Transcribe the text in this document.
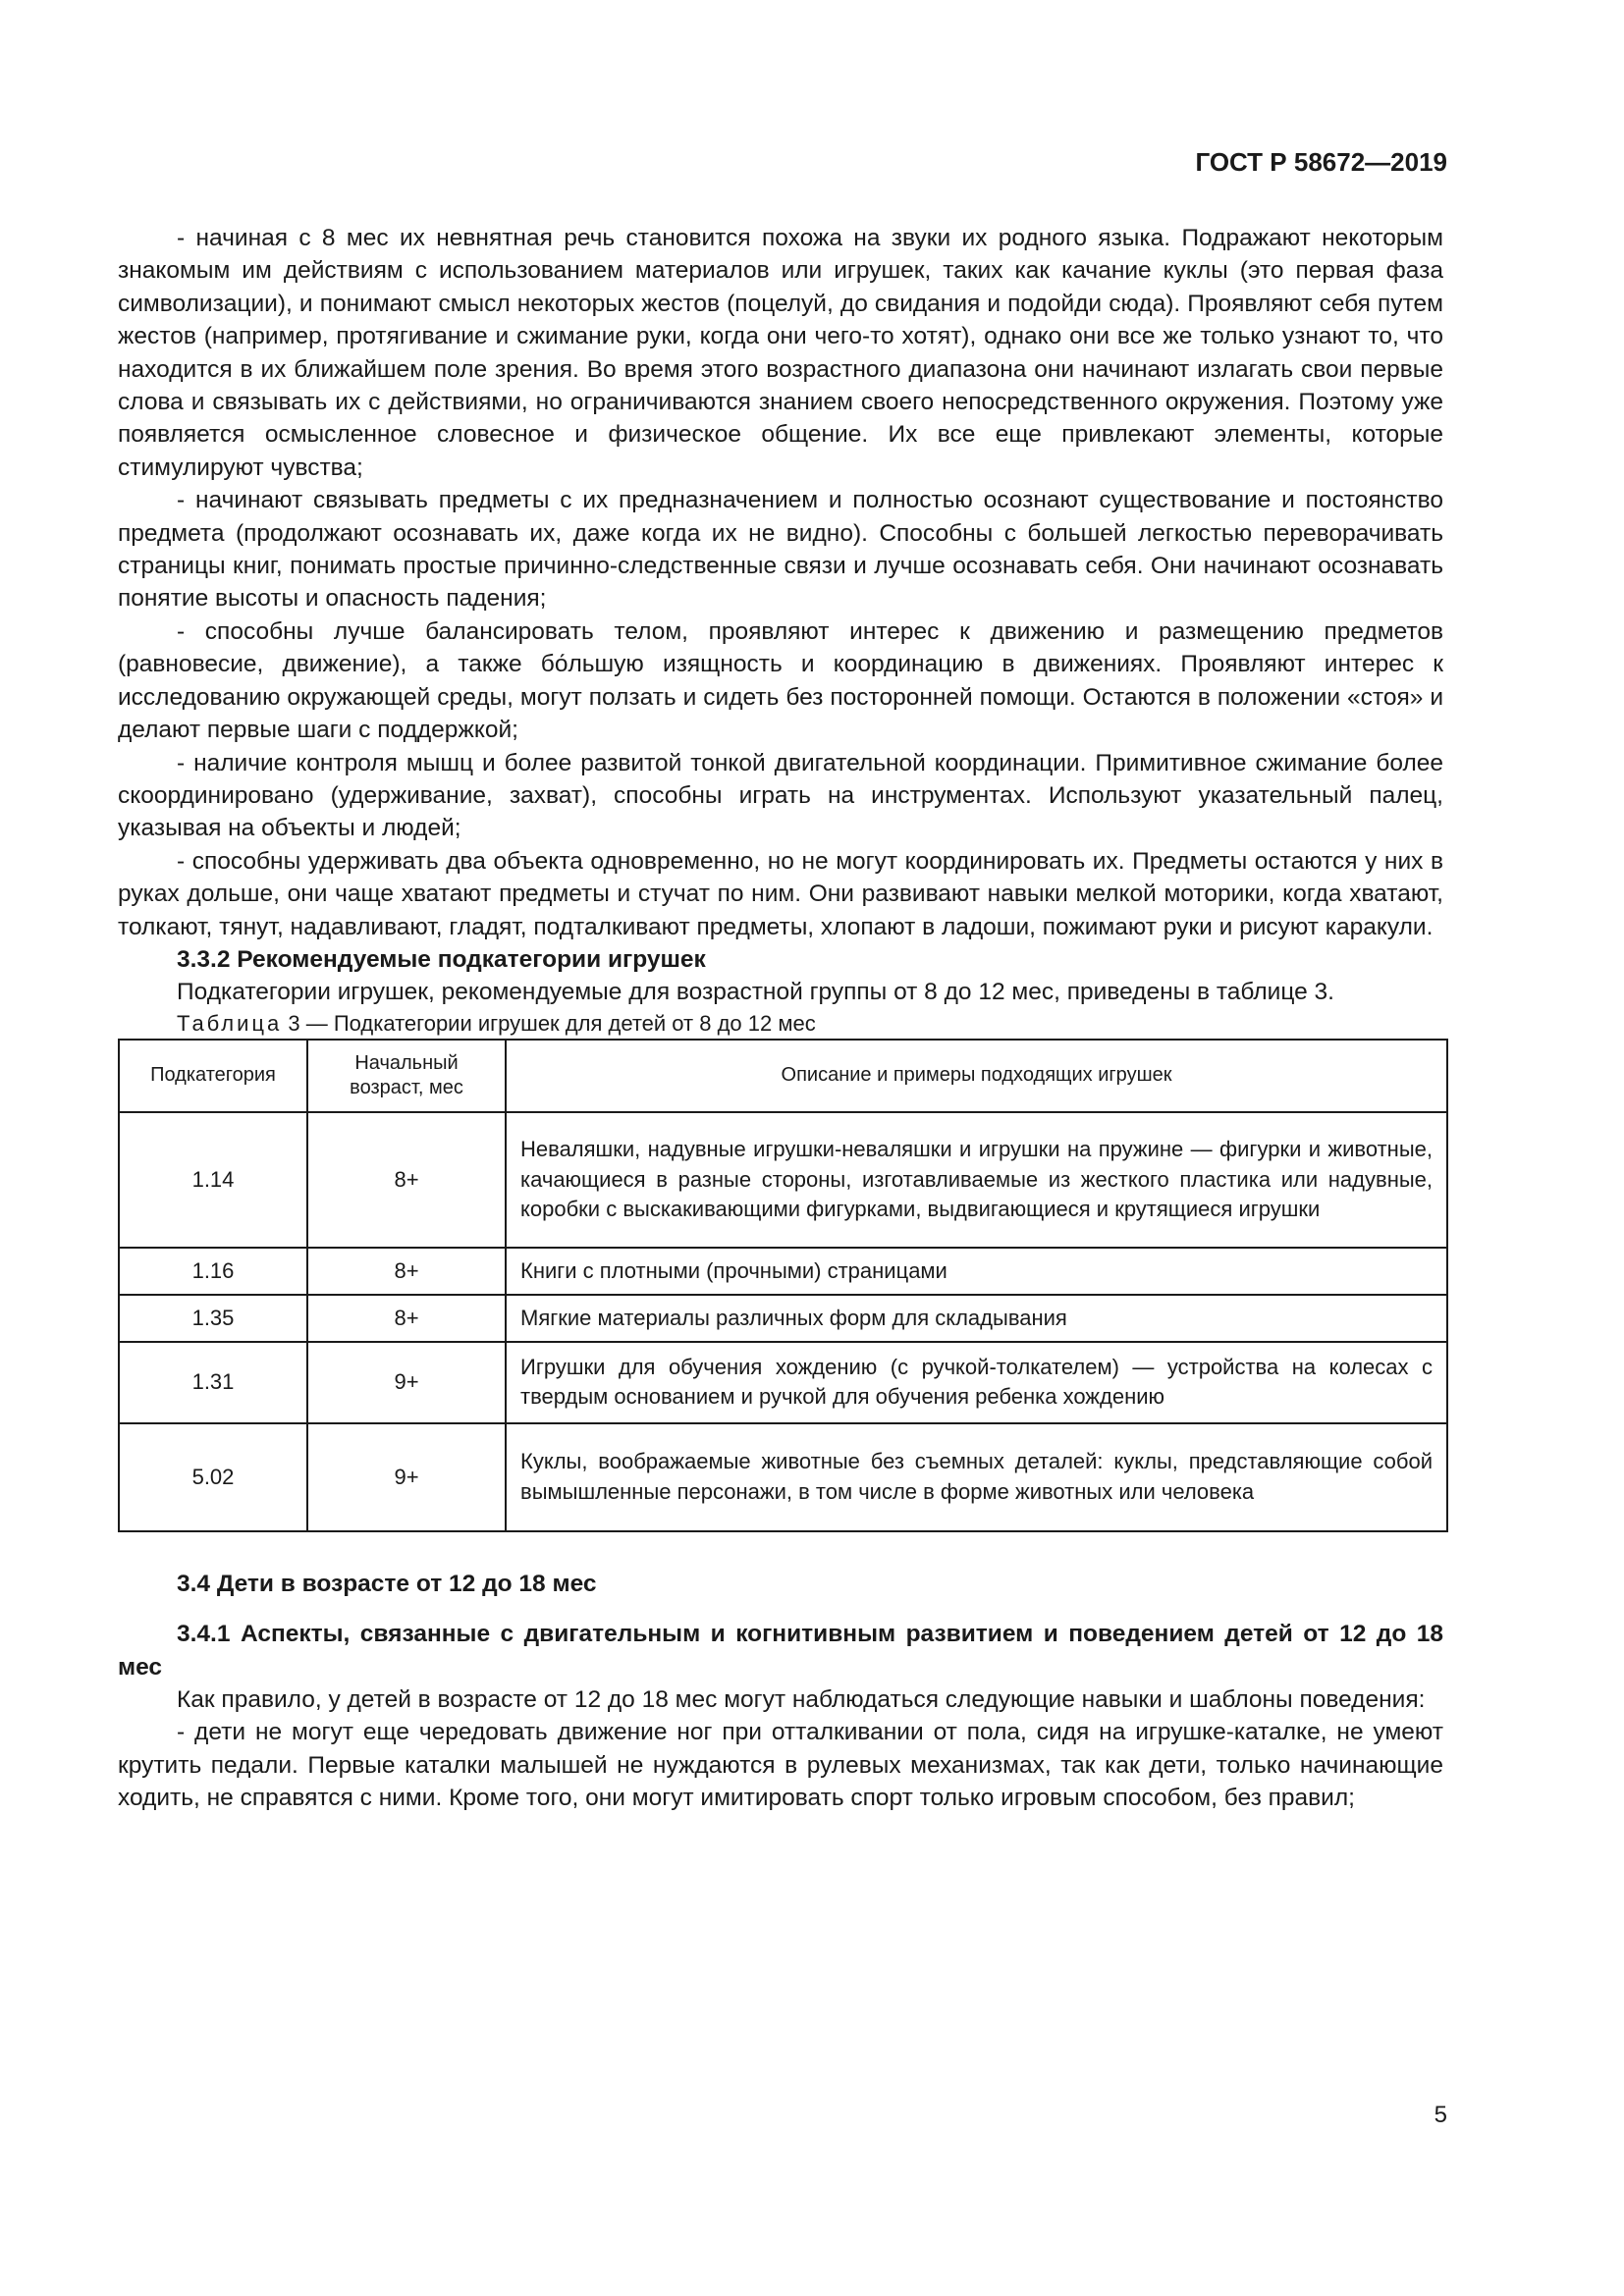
ГОСТ Р 58672—2019

- начиная с 8 мес их невнятная речь становится похожа на звуки их родного языка. Подражают некоторым знакомым им действиям с использованием материалов или игрушек, таких как качание куклы (это первая фаза символизации), и понимают смысл некоторых жестов (поцелуй, до свидания и подойди сюда). Проявляют себя путем жестов (например, протягивание и сжимание руки, когда они чего-то хотят), однако они все же только узнают то, что находится в их ближайшем поле зрения. Во время этого возрастного диапазона они начинают излагать свои первые слова и связывать их с действиями, но ограничиваются знанием своего непосредственного окружения. Поэтому уже появляется осмысленное словесное и физическое общение. Их все еще привлекают элементы, которые стимулируют чувства;

- начинают связывать предметы с их предназначением и полностью осознают существование и постоянство предмета (продолжают осознавать их, даже когда их не видно). Способны с большей легкостью переворачивать страницы книг, понимать простые причинно-следственные связи и лучше осознавать себя. Они начинают осознавать понятие высоты и опасность падения;

- способны лучше балансировать телом, проявляют интерес к движению и размещению предметов (равновесие, движение), а также бо́льшую изящность и координацию в движениях. Проявляют интерес к исследованию окружающей среды, могут ползать и сидеть без посторонней помощи. Остаются в положении «стоя» и делают первые шаги с поддержкой;

- наличие контроля мышц и более развитой тонкой двигательной координации. Примитивное сжимание более скоординировано (удерживание, захват), способны играть на инструментах. Используют указательный палец, указывая на объекты и людей;

- способны удерживать два объекта одновременно, но не могут координировать их. Предметы остаются у них в руках дольше, они чаще хватают предметы и стучат по ним. Они развивают навыки мелкой моторики, когда хватают, толкают, тянут, надавливают, гладят, подталкивают предметы, хлопают в ладоши, пожимают руки и рисуют каракули.

3.3.2 Рекомендуемые подкатегории игрушек

Подкатегории игрушек, рекомендуемые для возрастной группы от 8 до 12 мес, приведены в таблице 3.

Таблица 3 — Подкатегории игрушек для детей от 8 до 12 мес

Подкатегория	Начальный возраст, мес	Описание и примеры подходящих игрушек
1.14	8+	Неваляшки, надувные игрушки-неваляшки и игрушки на пружине — фигурки и животные, качающиеся в разные стороны, изготавливаемые из жесткого пластика или надувные, коробки с выскакивающими фигурками, выдвигающиеся и крутящиеся игрушки
1.16	8+	Книги с плотными (прочными) страницами
1.35	8+	Мягкие материалы различных форм для складывания
1.31	9+	Игрушки для обучения хождению (с ручкой-толкателем) — устройства на колесах с твердым основанием и ручкой для обучения ребенка хождению
5.02	9+	Куклы, воображаемые животные без съемных деталей: куклы, представляющие собой вымышленные персонажи, в том числе в форме животных или человека

3.4 Дети в возрасте от 12 до 18 мес

3.4.1 Аспекты, связанные с двигательным и когнитивным развитием и поведением детей от 12 до 18 мес

Как правило, у детей в возрасте от 12 до 18 мес могут наблюдаться следующие навыки и шаблоны поведения:

- дети не могут еще чередовать движение ног при отталкивании от пола, сидя на игрушке-каталке, не умеют крутить педали. Первые каталки малышей не нуждаются в рулевых механизмах, так как дети, только начинающие ходить, не справятся с ними. Кроме того, они могут имитировать спорт только игровым способом, без правил;

5
